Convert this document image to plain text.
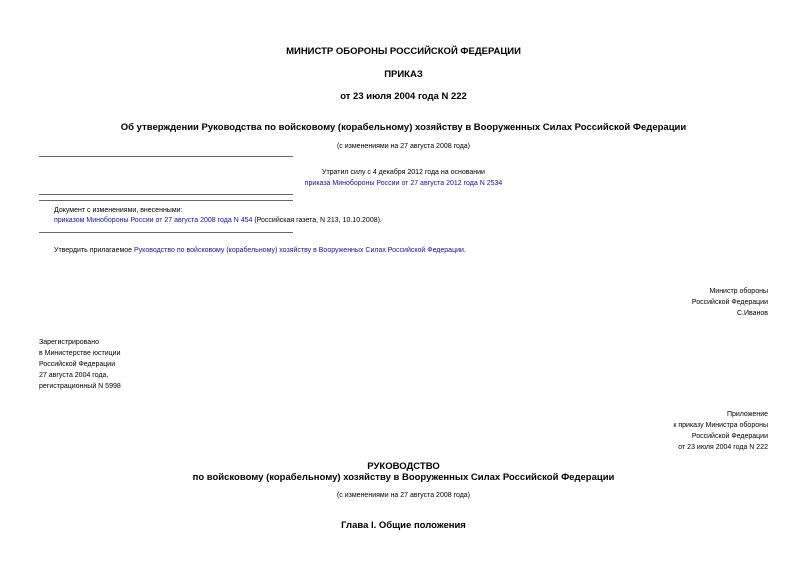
МИНИСТР ОБОРОНЫ РОССИЙСКОЙ ФЕДЕРАЦИИ
ПРИКАЗ
от 23 июля 2004 года N 222
Об утверждении Руководства по войсковому (корабельному) хозяйству в Вооруженных Силах Российской Федерации
(с изменениями на 27 августа 2008 года)
Утратил силу с 4 декабря 2012 года на основании
приказа Минобороны России от 27 августа 2012 года N 2534
Документ с изменениями, внесенными:
приказом Минобороны России от 27 августа 2008 года N 454 (Российская газета, N 213, 10.10.2008).
Утвердить прилагаемое Руководство по войсковому (корабельному) хозяйству в Вооруженных Силах Российской Федерации.
Министр обороны
Российской Федерации
С.Иванов
Зарегистрировано
в Министерстве юстиции
Российской Федерации
27 августа 2004 года,
регистрационный N 5998
Приложение
к приказу Министра обороны
Российской Федерации
от 23 июля 2004 года N 222
РУКОВОДСТВО
по войсковому (корабельному) хозяйству в Вооруженных Силах Российской Федерации
(с изменениями на 27 августа 2008 года)
Глава I. Общие положения
